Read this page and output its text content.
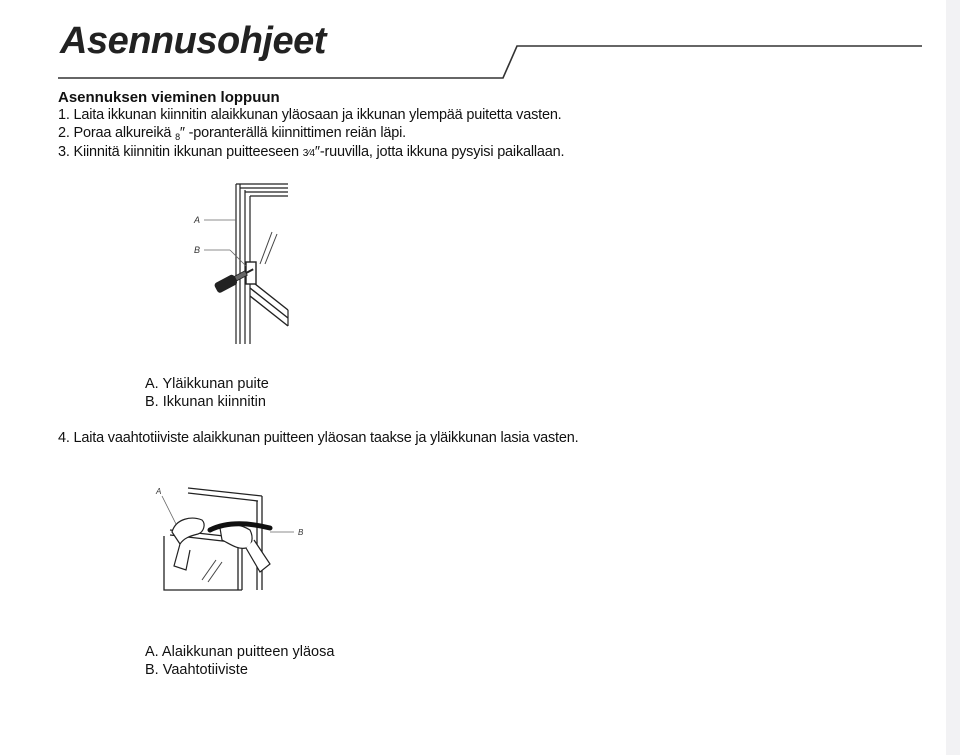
Asennusohjeet
Asennuksen vieminen loppuun
1. Laita ikkunan kiinnitin alaikkunan yläosaan ja ikkunan ylempää puitetta vasten.
2. Poraa alkureikä $_8$″ -poranterällä kiinnittimen reiän läpi.
3. Kiinnitä kiinnitin ikkunan puitteeseen 3⁄4″-ruuvilla, jotta ikkuna pysyisi paikallaan.
A
B
A. Yläikkunan puite
B. Ikkunan kiinnitin
4. Laita vaahtotiiviste alaikkunan puitteen yläosan taakse ja yläikkunan lasia vasten.
A
B
A. Alaikkunan puitteen yläosa
B. Vaahtotiiviste
